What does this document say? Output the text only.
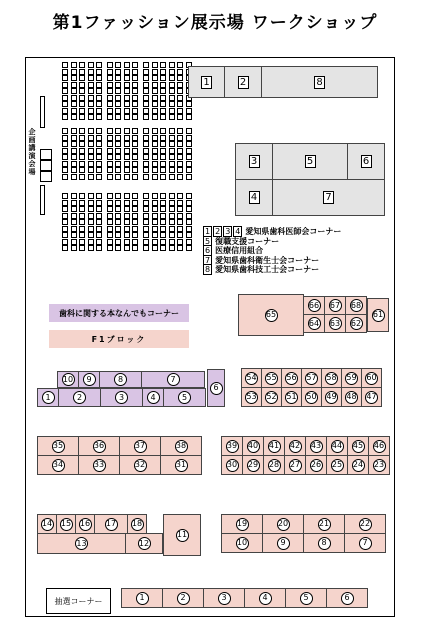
第1ファッション展示場 ワークショップ
企画講演会場
1	2	8
3	5	6
4	7
1 2 3 4 愛知県歯科医師会コーナー
5 復職支援コーナー
6 医療信用組合
7 愛知県歯科衛生士会コーナー
8 愛知県歯科技工士会コーナー
歯科に関する本なんでもコーナー
F1ブロック
65
66 67 68
64 63 62
61
10	9	8	7
1	2	3	4	5
6
54 55 56 57 58 59 60
53 52 51 50 49 48 47
35	36	37	38
34	33	32	31
39 40 41 42 43 44 45 46
30 29 28 27 26 25 24 23
14 15 16 17 18
13	12
19	20	21	22
10	9	8	7
11
抽選コーナー	1	2	3	4	5	6
